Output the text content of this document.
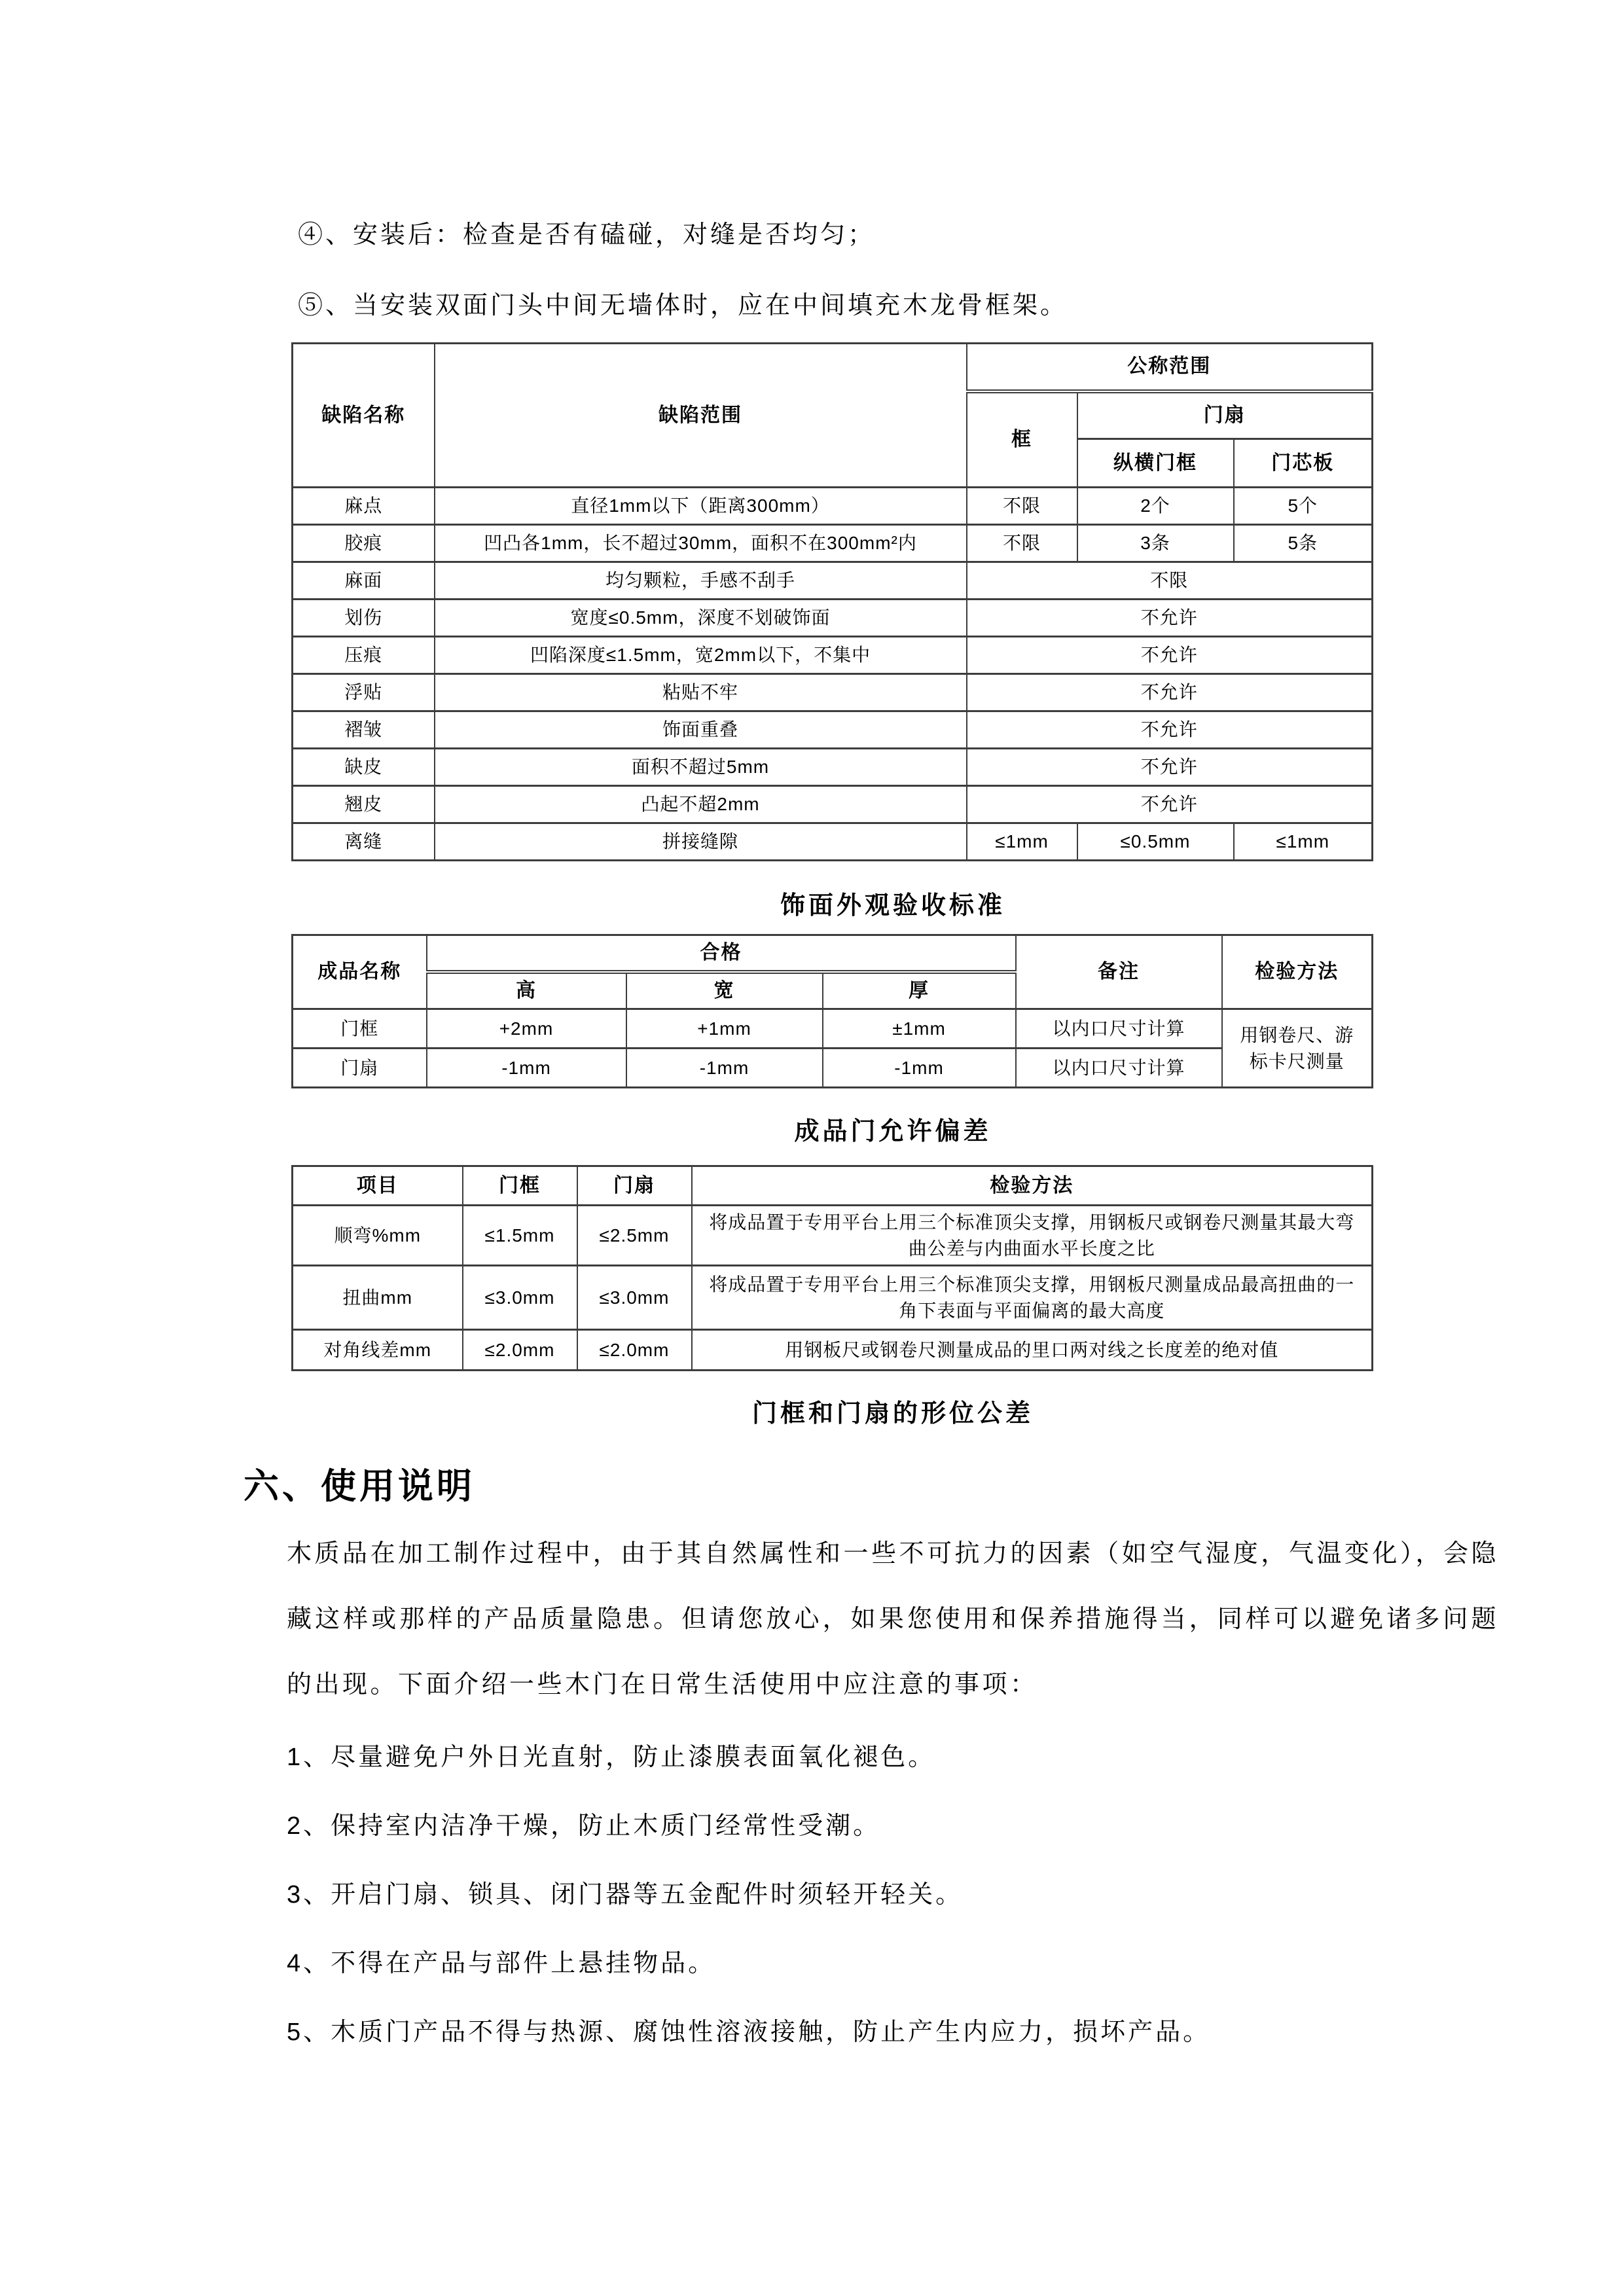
④、安装后：检查是否有磕碰，对缝是否均匀；
⑤、当安装双面门头中间无墙体时，应在中间填充木龙骨框架。
缺陷名称	缺陷范围	公称范围		
		框	门扇	
			纵横门框	门芯板
麻点	直径1mm以下（距离300mm）	不限	2个	5个
胶痕	凹凸各1mm，长不超过30mm，面积不在300mm²内	不限	3条	5条
麻面	均匀颗粒，手感不刮手	不限		
划伤	宽度≤0.5mm，深度不划破饰面	不允许		
压痕	凹陷深度≤1.5mm，宽2mm以下，不集中	不允许		
浮贴	粘贴不牢	不允许		
褶皱	饰面重叠	不允许		
缺皮	面积不超过5mm	不允许		
翘皮	凸起不超2mm	不允许		
离缝	拼接缝隙	≤1mm	≤0.5mm	≤1mm
饰面外观验收标准
成品名称	合格			备注	检验方法
	高	宽	厚		
门框	+2mm	+1mm	±1mm	以内口尺寸计算	用钢卷尺、游标卡尺测量
门扇	-1mm	-1mm	-1mm	以内口尺寸计算	
成品门允许偏差
项目	门框	门扇	检验方法
顺弯%mm	≤1.5mm	≤2.5mm	将成品置于专用平台上用三个标准顶尖支撑，用钢板尺或钢卷尺测量其最大弯曲公差与内曲面水平长度之比
扭曲mm	≤3.0mm	≤3.0mm	将成品置于专用平台上用三个标准顶尖支撑，用钢板尺测量成品最高扭曲的一角下表面与平面偏离的最大高度
对角线差mm	≤2.0mm	≤2.0mm	用钢板尺或钢卷尺测量成品的里口两对线之长度差的绝对值
门框和门扇的形位公差
六、使用说明
木质品在加工制作过程中，由于其自然属性和一些不可抗力的因素（如空气湿度，气温变化），会隐藏这样或那样的产品质量隐患。但请您放心，如果您使用和保养措施得当，同样可以避免诸多问题的出现。下面介绍一些木门在日常生活使用中应注意的事项：
1、尽量避免户外日光直射，防止漆膜表面氧化褪色。
2、保持室内洁净干燥，防止木质门经常性受潮。
3、开启门扇、锁具、闭门器等五金配件时须轻开轻关。
4、不得在产品与部件上悬挂物品。
5、木质门产品不得与热源、腐蚀性溶液接触，防止产生内应力，损坏产品。
